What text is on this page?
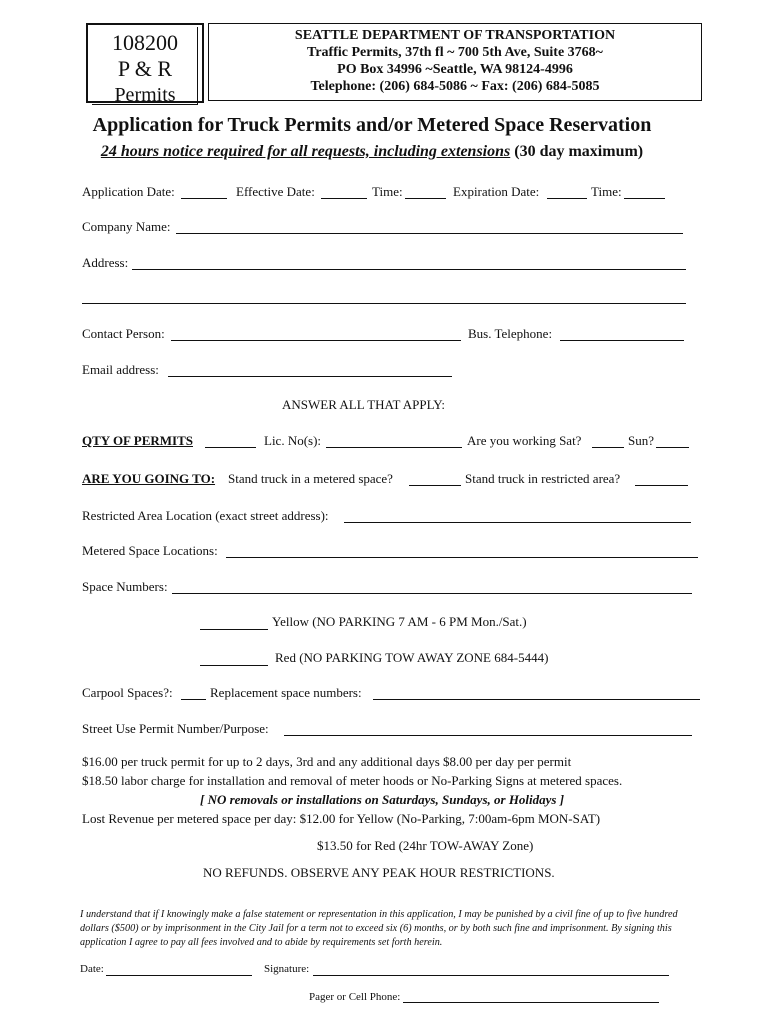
108200
P & R
Permits
SEATTLE DEPARTMENT OF TRANSPORTATION
Traffic Permits, 37th fl ~ 700 5th Ave, Suite 3768~
PO Box 34996 ~Seattle, WA 98124-4996
Telephone: (206) 684-5086 ~ Fax: (206) 684-5085
Application for Truck Permits and/or Metered Space Reservation
24 hours notice required for all requests, including extensions (30 day maximum)
Application Date:	Effective Date:	Time:	Expiration Date:	Time:
Company Name:
Address:
Contact Person:	Bus. Telephone:
Email address:
ANSWER ALL THAT APPLY:
QTY OF PERMITS	Lic. No(s):	Are you working Sat?	Sun?
ARE YOU GOING TO: Stand truck in a metered space?	Stand truck in restricted area?
Restricted Area Location (exact street address):
Metered Space Locations:
Space Numbers:
Yellow (NO PARKING 7 AM - 6 PM Mon./Sat.)
Red (NO PARKING TOW AWAY ZONE 684-5444)
Carpool Spaces?:	Replacement space numbers:
Street Use Permit Number/Purpose:
$16.00 per truck permit for up to 2 days, 3rd and any additional days $8.00 per day per permit
$18.50 labor charge for installation and removal of meter hoods or No-Parking Signs at metered spaces.
[ NO removals or installations on Saturdays, Sundays, or Holidays ]
Lost Revenue per metered space per day: $12.00 for Yellow (No-Parking, 7:00am-6pm MON-SAT)
$13.50 for Red (24hr TOW-AWAY Zone)
NO REFUNDS. OBSERVE ANY PEAK HOUR RESTRICTIONS.
I understand that if I knowingly make a false statement or representation in this application, I may be punished by a civil fine of up to five hundred dollars ($500) or by imprisonment in the City Jail for a term not to exceed six (6) months, or by both such fine and imprisonment. By signing this application I agree to pay all fees involved and to abide by requirements set forth herein.
Date:	Signature:
Pager or Cell Phone:
